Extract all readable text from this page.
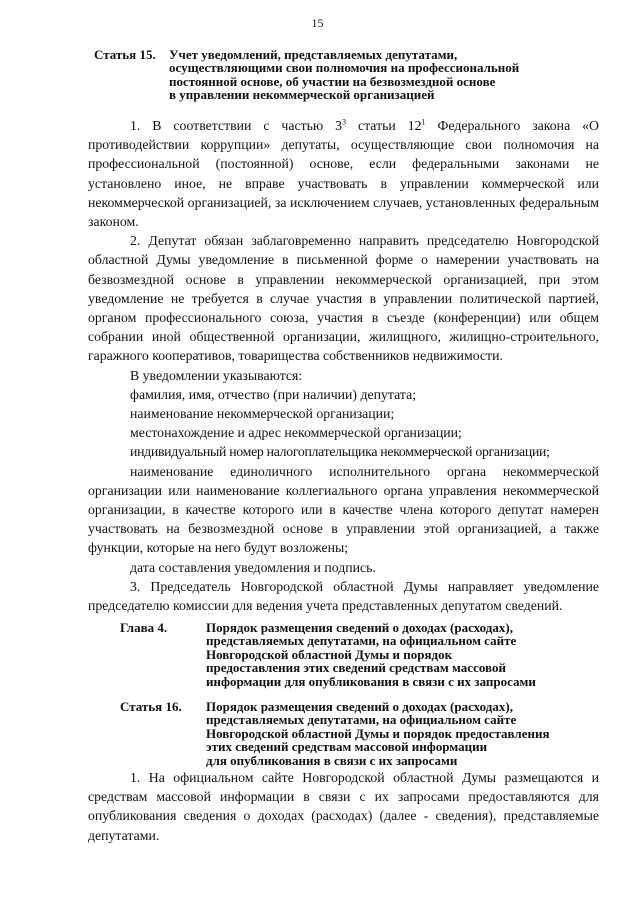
15
Статья 15.	Учет уведомлений, представляемых депутатами,
осуществляющими свои полномочия на профессиональной
постоянной основе, об участии на безвозмездной основе
в управлении некоммерческой организацией

1. В соответствии с частью $3^3$ статьи $12^1$ Федерального закона «О противодействии коррупции» депутаты, осуществляющие свои полномочия на профессиональной (постоянной) основе, если федеральными законами не установлено иное, не вправе участвовать в управлении коммерческой или некоммерческой организацией, за исключением случаев, установленных федеральным законом.

2. Депутат обязан заблаговременно направить председателю Новгородской областной Думы уведомление в письменной форме о намерении участвовать на безвозмездной основе в управлении некоммерческой организацией, при этом уведомление не требуется в случае участия в управлении политической партией, органом профессионального союза, участия в съезде (конференции) или общем собрании иной общественной организации, жилищного, жилищно-строительного, гаражного кооперативов, товарищества собственников недвижимости.

В уведомлении указываются:

фамилия, имя, отчество (при наличии) депутата;

наименование некоммерческой организации;

местонахождение и адрес некоммерческой организации;

индивидуальный номер налогоплательщика некоммерческой организации;

наименование единоличного исполнительного органа некоммерческой организации или наименование коллегиального органа управления некоммерческой организации, в качестве которого или в качестве члена которого депутат намерен участвовать на безвозмездной основе в управлении этой организацией, а также функции, которые на него будут возложены;

дата составления уведомления и подпись.

3. Председатель Новгородской областной Думы направляет уведомление председателю комиссии для ведения учета представленных депутатом сведений.

Глава 4.	Порядок размещения сведений о доходах (расходах),
представляемых депутатами, на официальном сайте
Новгородской областной Думы и порядок
предоставления этих сведений средствам массовой
информации для опубликования в связи с их запросами
Статья 16.	Порядок размещения сведений о доходах (расходах),
представляемых депутатами, на официальном сайте
Новгородской областной Думы и порядок предоставления
этих сведений средствам массовой информации
для опубликования в связи с их запросами

1. На официальном сайте Новгородской областной Думы размещаются и средствам массовой информации в связи с их запросами предоставляются для опубликования сведения о доходах (расходах) (далее - сведения), представляемые депутатами.
